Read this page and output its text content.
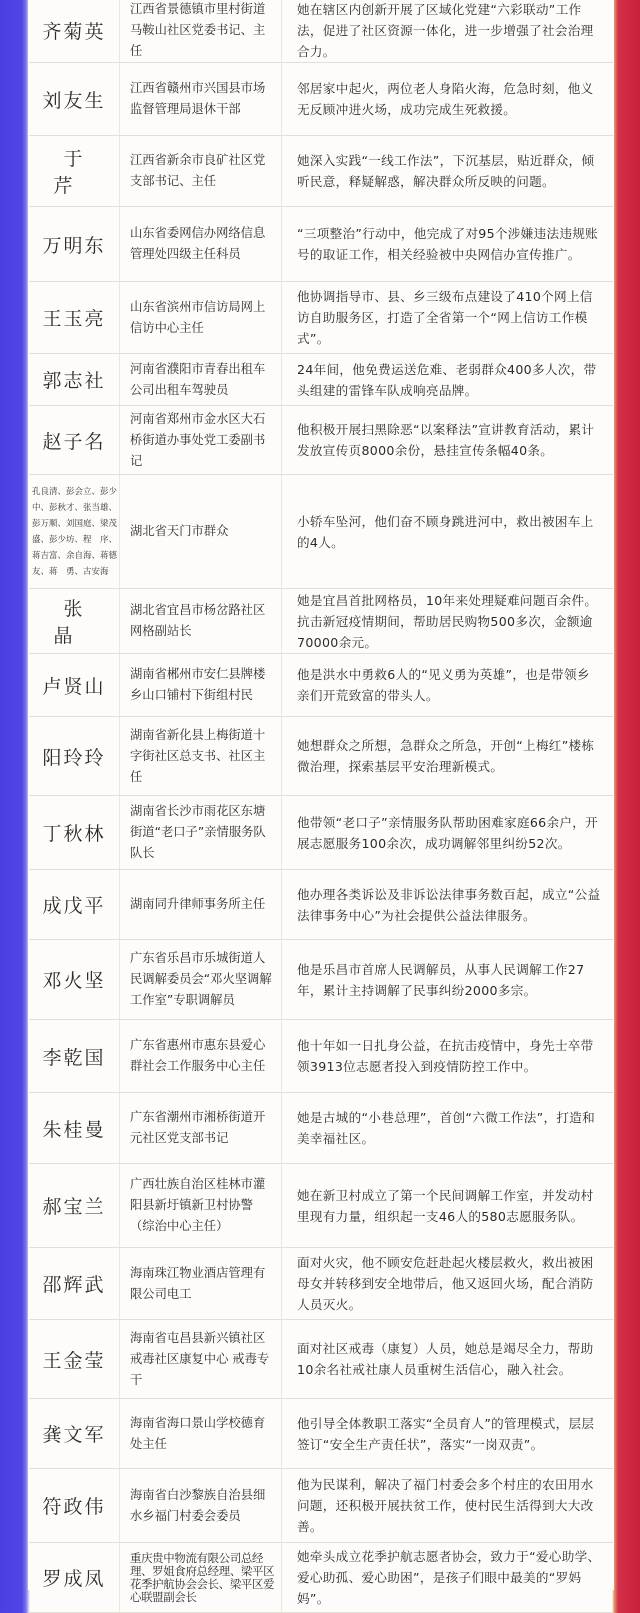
齐菊英	江西省景德镇市里村街道马鞍山社区党委书记、主任	她在辖区内创新开展了区域化党建“六彩联动”工作法，促进了社区资源一体化，进一步增强了社会治理合力。
刘友生	江西省赣州市兴国县市场监督管理局退休干部	邻居家中起火，两位老人身陷火海，危急时刻，他义无反顾冲进火场，成功完成生死救援。
于芹	江西省新余市良矿社区党支部书记、主任	她深入实践“一线工作法”，下沉基层，贴近群众，倾听民意，释疑解惑，解决群众所反映的问题。
万明东	山东省委网信办网络信息管理处四级主任科员	“三项整治”行动中，他完成了对95个涉嫌违法违规账号的取证工作，相关经验被中央网信办宣传推广。
王玉亮	山东省滨州市信访局网上信访中心主任	他协调指导市、县、乡三级布点建设了410个网上信访自助服务区，打造了全省第一个“网上信访工作模式”。
郭志社	河南省濮阳市青春出租车公司出租车驾驶员	24年间，他免费运送危难、老弱群众400多人次，带头组建的雷锋车队成响亮品牌。
赵子名	河南省郑州市金水区大石桥街道办事处党工委副书记	他积极开展扫黑除恶“以案释法”宣讲教育活动，累计发放宣传页8000余份，悬挂宣传条幅40条。
孔良清、彭会立、彭少中、彭秋才、张当雄、彭万顺、刘国庭、梁茂盛、彭少坊、程　序、蒋吉富、余自海、蒋德友、蒋　勇、古安海	湖北省天门市群众	小轿车坠河，他们奋不顾身跳进河中，救出被困车上的4人。
张晶	湖北省宜昌市杨岔路社区网格副站长	她是宜昌首批网格员，10年来处理疑难问题百余件。抗击新冠疫情期间，帮助居民购物500多次，金额逾70000余元。
卢贤山	湖南省郴州市安仁县牌楼乡山口铺村下街组村民	他是洪水中勇救6人的“见义勇为英雄”，也是带领乡亲们开荒致富的带头人。
阳玲玲	湖南省新化县上梅街道十字街社区总支书、社区主任	她想群众之所想，急群众之所急，开创“上梅红”楼栋微治理，探索基层平安治理新模式。
丁秋林	湖南省长沙市雨花区东塘街道“老口子”亲情服务队队长	他带领“老口子”亲情服务队帮助困难家庭66余户，开展志愿服务100余次，成功调解邻里纠纷52次。
成戊平	湖南同升律师事务所主任	他办理各类诉讼及非诉讼法律事务数百起，成立“公益法律事务中心”为社会提供公益法律服务。
邓火坚	广东省乐昌市乐城街道人民调解委员会“邓火坚调解工作室”专职调解员	他是乐昌市首席人民调解员，从事人民调解工作27年，累计主持调解了民事纠纷2000多宗。
李乾国	广东省惠州市惠东县爱心群社会工作服务中心主任	他十年如一日扎身公益，在抗击疫情中，身先士卒带领3913位志愿者投入到疫情防控工作中。
朱桂曼	广东省潮州市湘桥街道开元社区党支部书记	她是古城的“小巷总理”，首创“六微工作法”，打造和美幸福社区。
郝宝兰	广西壮族自治区桂林市灌阳县新圩镇新卫村协警（综治中心主任）	她在新卫村成立了第一个民间调解工作室，并发动村里现有力量，组织起一支46人的580志愿服务队。
邵辉武	海南珠江物业酒店管理有限公司电工	面对火灾，他不顾安危赶赴起火楼层救火，救出被困母女并转移到安全地带后，他又返回火场，配合消防人员灭火。
王金莹	海南省屯昌县新兴镇社区戒毒社区康复中心 戒毒专干	面对社区戒毒（康复）人员，她总是竭尽全力，帮助10余名社戒社康人员重树生活信心，融入社会。
龚文军	海南省海口景山学校德育处主任	他引导全体教职工落实“全员育人”的管理模式，层层签订“安全生产责任状”，落实“一岗双责”。
符政伟	海南省白沙黎族自治县细水乡福门村委会委员	他为民谋利，解决了福门村委会多个村庄的农田用水问题，还积极开展扶贫工作，使村民生活得到大大改善。
罗成凤	重庆贵中物流有限公司总经理、罗姐食府总经理、梁平区花季护航协会会长、梁平区爱心联盟副会长	她牵头成立花季护航志愿者协会，致力于“爱心助学、爱心助孤、爱心助困”，是孩子们眼中最美的“罗妈妈”。
